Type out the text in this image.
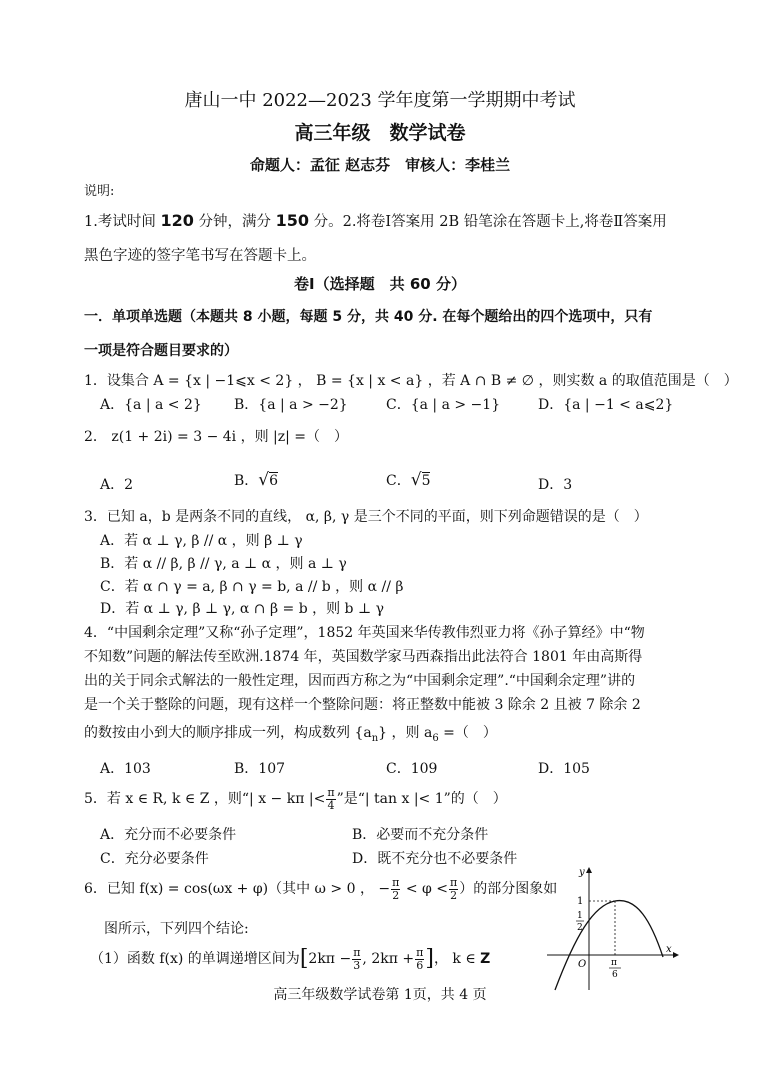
唐山一中 2022—2023 学年度第一学期期中考试
高三年级　数学试卷
命题人：孟征 赵志芬　审核人：李桂兰
说明:
1.考试时间 120 分钟，满分 150 分。2.将卷Ⅰ答案用 2B 铅笔涂在答题卡上,将卷Ⅱ答案用
黑色字迹的签字笔书写在答题卡上。
卷Ⅰ（选择题　共 60 分）
一．单项单选题（本题共 8 小题，每题 5 分，共 40 分. 在每个题给出的四个选项中，只有
一项是符合题目要求的）
1．设集合 A = {x | −1⩽x < 2} ， B = {x | x < a} ，若 A ∩ B ≠ ∅ ，则实数 a 的取值范围是（　）
A．{a | a < 2} B．{a | a > −2}	C．{a | a > −1}	D．{a | −1 < a⩽2}
2． z(1 + 2i) = 3 − 4i ，则 |z| =（　）
A．2	B．√6	C．√5	D．3
3．已知 a，b 是两条不同的直线， α, β, γ 是三个不同的平面，则下列命题错误的是（　）
A．若 α ⊥ γ, β // α ，则 β ⊥ γ
B．若 α // β, β // γ, a ⊥ α ，则 a ⊥ γ
C．若 α ∩ γ = a, β ∩ γ = b, a // b ，则 α // β
D．若 α ⊥ γ, β ⊥ γ, α ∩ β = b ，则 b ⊥ γ
4．“中国剩余定理”又称“孙子定理”，1852 年英国来华传教伟烈亚力将《孙子算经》中“物
不知数”问题的解法传至欧洲.1874 年，英国数学家马西森指出此法符合 1801 年由高斯得
出的关于同余式解法的一般性定理，因而西方称之为“中国剩余定理”.“中国剩余定理”讲的
是一个关于整除的问题，现有这样一个整除问题：将正整数中能被 3 除余 2 且被 7 除余 2
的数按由小到大的顺序排成一列，构成数列 $\{a_n\}$ ，则 $a_6$ =（　）
A．103	B．107	C．109	D．105
5．若 x ∈ R, k ∈ Z ，则“| x − kπ |< $\frac{\pi}{4}$ ”是“| tan x |< 1”的（　）
A．充分而不必要条件	B．必要而不充分条件
C．充分必要条件	D．既不充分也不必要条件
6．已知 f(x) = cos(ωx + φ)（其中 ω > 0 ， − $\frac{\pi}{2} < \varphi < \frac{\pi}{2}$ ）的部分图象如
图所示，下列四个结论:
（1）函数 f(x) 的单调递增区间为[$2k\pi - \frac{\pi}{3}$ , $2k\pi + \frac{\pi}{6}$ ]， k ∈ Z
y
x
O
1
1
2
π
6
高三年级数学试卷第 1页，共 4 页
